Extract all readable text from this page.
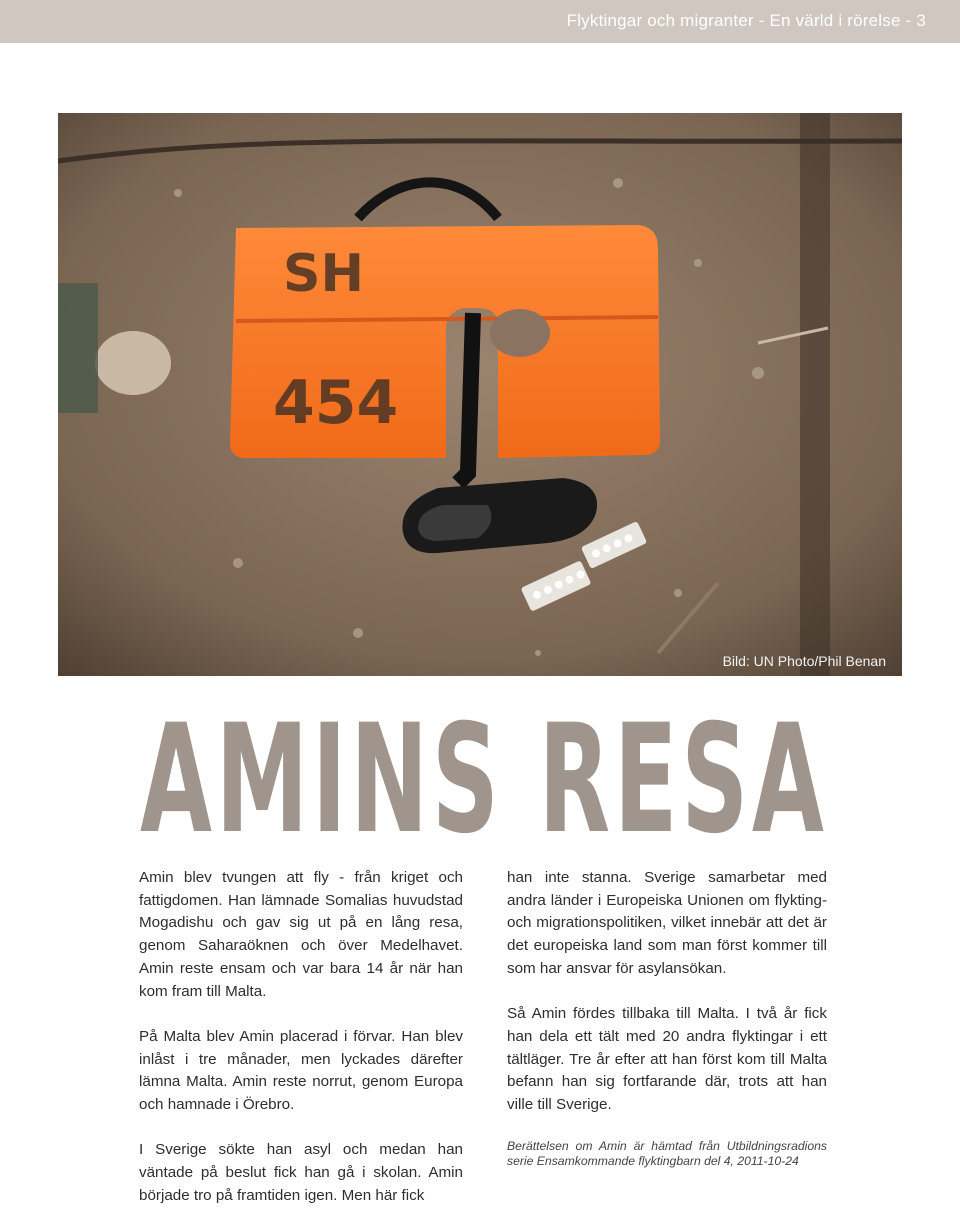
Flyktingar och migranter - En värld i rörelse - 3
SH
454
Bild: UN Photo/Phil Benan
AMINS RESA

Amin blev tvungen att fly - från kriget och fattigdomen. Han lämnade Somalias huvudstad Mogadishu och gav sig ut på en lång resa, genom Saharaöknen och över Medelhavet. Amin reste ensam och var bara 14 år när han kom fram till Malta.

På Malta blev Amin placerad i förvar. Han blev inlåst i tre månader, men lyckades därefter lämna Malta. Amin reste norrut, genom Europa och hamnade i Örebro.

I Sverige sökte han asyl och medan han väntade på beslut fick han gå i skolan. Amin började tro på framtiden igen. Men här fick

han inte stanna. Sverige samarbetar med andra länder i Europeiska Unionen om flykting- och migrationspolitiken, vilket innebär att det är det europeiska land som man först kommer till som har ansvar för asylansökan.

Så Amin fördes tillbaka till Malta. I två år fick han dela ett tält med 20 andra flyktingar i ett tältläger. Tre år efter att han först kom till Malta befann han sig fortfarande där, trots att han ville till Sverige.

Berättelsen om Amin är hämtad från Utbildningsradions serie Ensamkommande flyktingbarn del 4, 2011-10-24
